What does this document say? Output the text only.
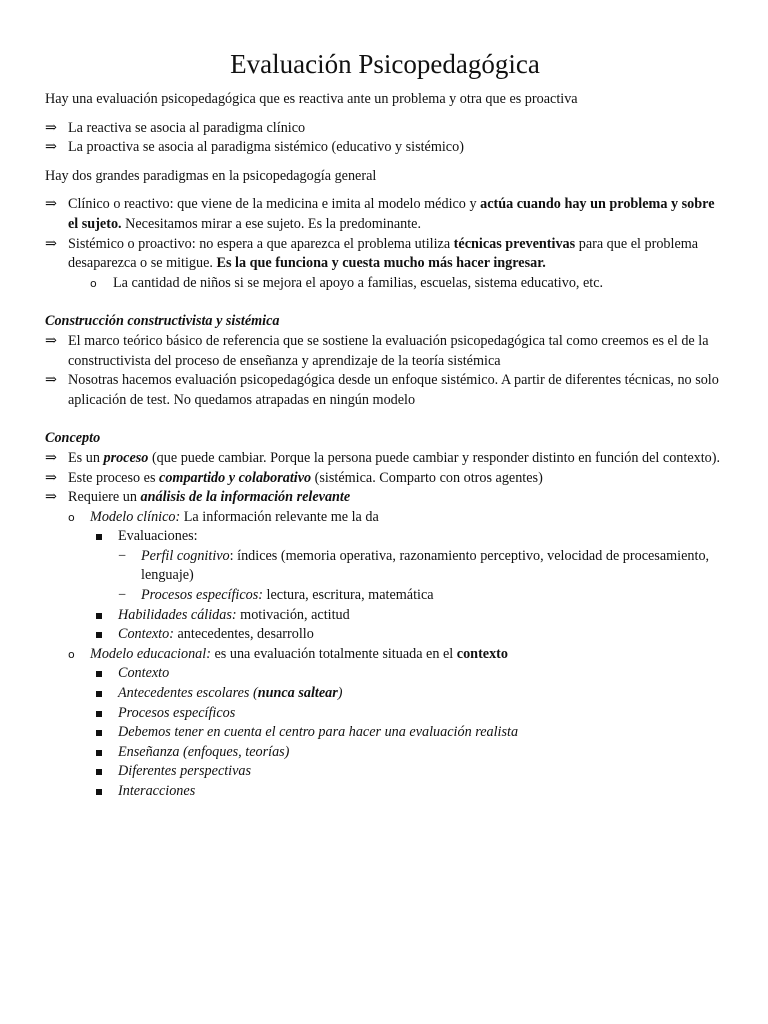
Evaluación Psicopedagógica

Hay una evaluación psicopedagógica que es reactiva ante un problema y otra que es proactiva

⇒ La reactiva se asocia al paradigma clínico
⇒ La proactiva se asocia al paradigma sistémico (educativo y sistémico)

Hay dos grandes paradigmas en la psicopedagogía general

⇒ Clínico o reactivo: que viene de la medicina e imita al modelo médico y actúa cuando hay un problema y sobre el sujeto. Necesitamos mirar a ese sujeto. Es la predominante.
⇒ Sistémico o proactivo: no espera a que aparezca el problema utiliza técnicas preventivas para que el problema desaparezca o se mitigue. Es la que funciona y cuesta mucho más hacer ingresar.
o La cantidad de niños si se mejora el apoyo a familias, escuelas, sistema educativo, etc.

Construcción constructivista y sistémica

⇒ El marco teórico básico de referencia que se sostiene la evaluación psicopedagógica tal como creemos es el de la constructivista del proceso de enseñanza y aprendizaje de la teoría sistémica
⇒ Nosotras hacemos evaluación psicopedagógica desde un enfoque sistémico. A partir de diferentes técnicas, no solo aplicación de test. No quedamos atrapadas en ningún modelo

Concepto

⇒ Es un proceso (que puede cambiar. Porque la persona puede cambiar y responder distinto en función del contexto).
⇒ Este proceso es compartido y colaborativo (sistémica. Comparto con otros agentes)
⇒ Requiere un análisis de la información relevante
o Modelo clínico: La información relevante me la da
Evaluaciones:
− Perfil cognitivo: índices (memoria operativa, razonamiento perceptivo, velocidad de procesamiento, lenguaje)
− Procesos específicos: lectura, escritura, matemática
Habilidades cálidas: motivación, actitud
Contexto: antecedentes, desarrollo
o Modelo educacional: es una evaluación totalmente situada en el contexto
Contexto
Antecedentes escolares (nunca saltear)
Procesos específicos
Debemos tener en cuenta el centro para hacer una evaluación realista
Enseñanza (enfoques, teorías)
Diferentes perspectivas
Interacciones
